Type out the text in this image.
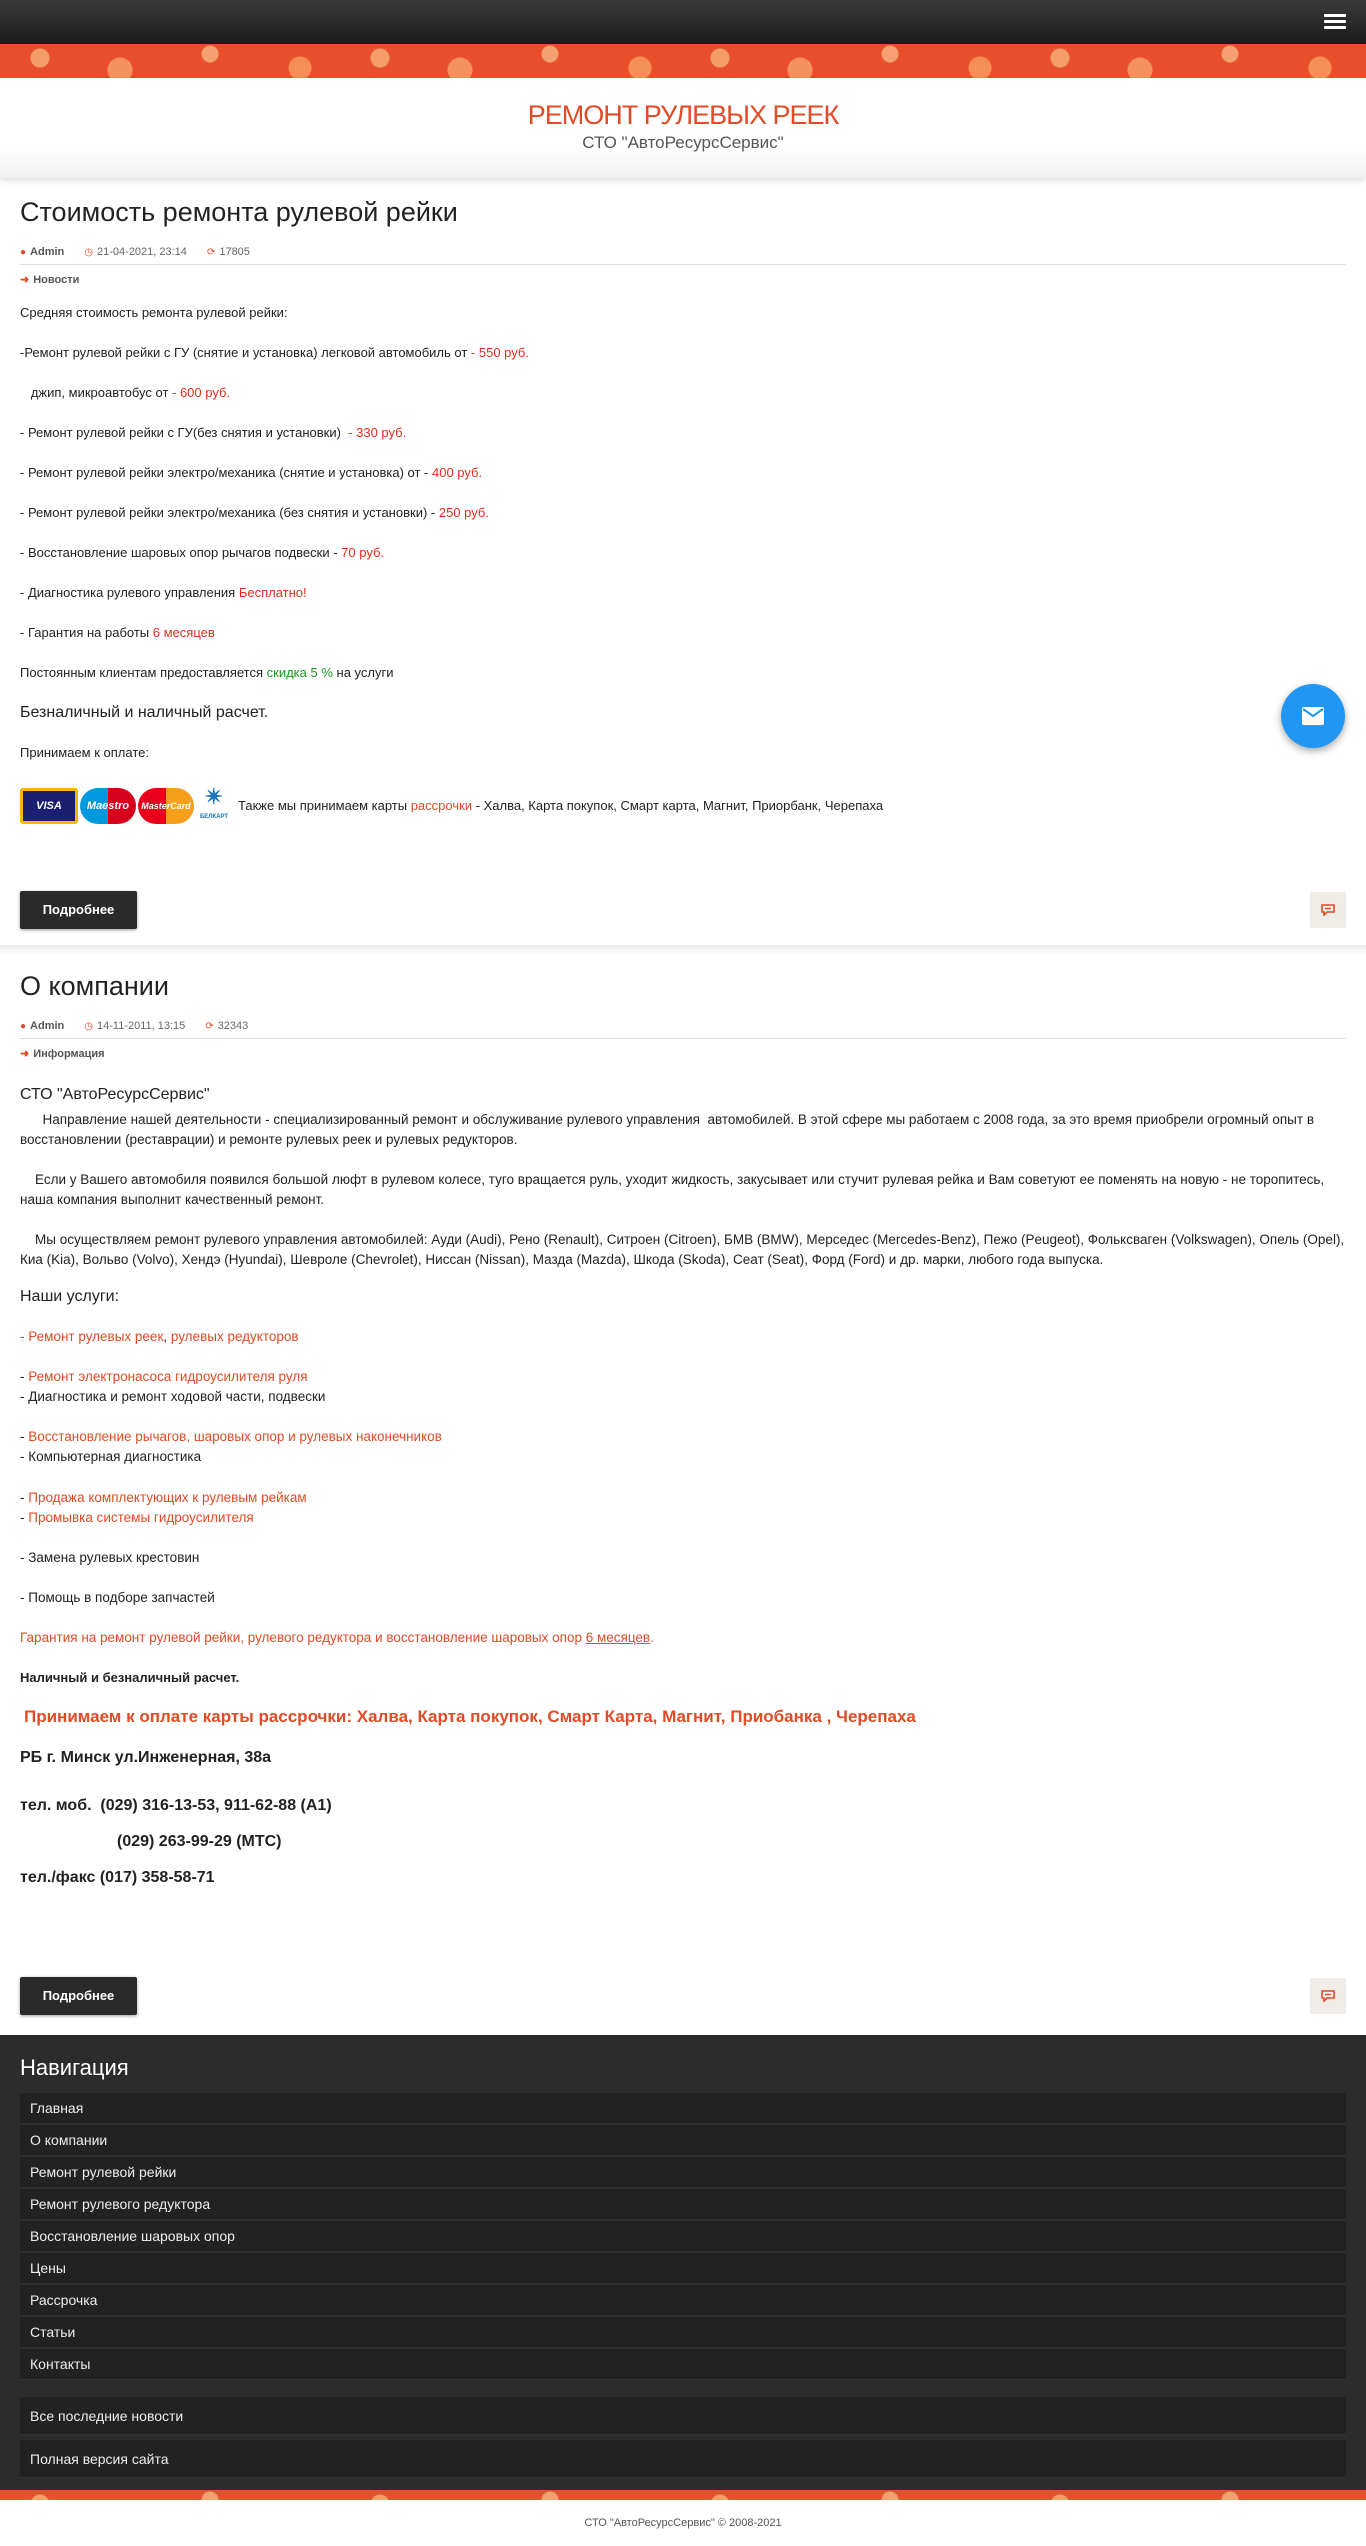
РЕМОНТ РУЛЕВЫХ РЕЕК
СТО "АвтоРесурсСервис"
Стоимость ремонта рулевой рейки
● Admin ◷ 21-04-2021, 23:14 ⟳ 17805
➜ Новости
Средняя стоимость ремонта рулевой рейки:
-Ремонт рулевой рейки с ГУ (снятие и установка) легковой автомобиль от - 550 руб.
джип, микроавтобус от - 600 руб.
- Ремонт рулевой рейки с ГУ(без снятия и установки)  - 330 руб.
- Ремонт рулевой рейки электро/механика (снятие и установка) от - 400 руб.
- Ремонт рулевой рейки электро/механика (без снятия и установки) - 250 руб.
- Восстановление шаровых опор рычагов подвески - 70 руб.
- Диагностика рулевого управления Бесплатно!
- Гарантия на работы 6 месяцев
Постоянным клиентам предоставляется скидка 5 % на услуги
Безналичный и наличный расчет.
Принимаем к оплате:
VISA	Maestro	MasterCard ✴
БЕЛКАРТ
Также мы принимаем карты рассрочки - Халва, Карта покупок, Смарт карта, Магнит, Приорбанк, Черепаха
Подробнее
О компании
● Admin ◷ 14-11-2011, 13:15 ⟳ 32343
➜ Информация
СТО "АвтоРесурсСервис"
Направление нашей деятельности - специализированный ремонт и обслуживание рулевого управления  автомобилей. В этой сфере мы работаем с 2008 года, за это время приобрели огромный опыт в восстановлении (реставрации) и ремонте рулевых реек и рулевых редукторов.
Если у Вашего автомобиля появился большой люфт в рулевом колесе, туго вращается руль, уходит жидкость, закусывает или стучит рулевая рейка и Вам советуют ее поменять на новую - не торопитесь, наша компания выполнит качественный ремонт.
Мы осуществляем ремонт рулевого управления автомобилей: Ауди (Audi), Рено (Renault), Ситроен (Citroen), БМВ (BMW), Мерседес (Mercedes-Benz), Пежо (Peugeot), Фольксваген (Volkswagen), Опель (Opel), Киа (Kia), Вольво (Volvo), Хендэ (Hyundai), Шевроле (Chevrolet), Ниссан (Nissan), Мазда (Mazda), Шкода (Skoda), Сеат (Seat), Форд (Ford) и др. марки, любого года выпуска.
Наши услуги:
- Ремонт рулевых реек, рулевых редукторов
- Ремонт электронасоса гидроусилителя руля
- Диагностика и ремонт ходовой части, подвески
- Восстановление рычагов, шаровых опор и рулевых наконечников
- Компьютерная диагностика
- Продажа комплектующих к рулевым рейкам
- Промывка системы гидроусилителя
- Замена рулевых крестовин
- Помощь в подборе запчастей
Гарантия на ремонт рулевой рейки, рулевого редуктора и восстановление шаровых опор 6 месяцев.
Наличный и безналичный расчет.
Принимаем к оплате карты рассрочки: Халва, Карта покупок, Смарт Карта, Магнит, Приобанка , Черепаха
РБ г. Минск ул.Инженерная, 38а
тел. моб. (029) 316-13-53, 911-62-88 (А1)
(029) 263-99-29 (МТС)
тел./факс (017) 358-58-71
Подробнее
Навигация
Главная
О компании
Ремонт рулевой рейки
Ремонт рулевого редуктора
Восстановление шаровых опор
Цены
Рассрочка
Статьи
Контакты
Все последние новости
Полная версия сайта
СТО "АвтоРесурсСервис" © 2008-2021
